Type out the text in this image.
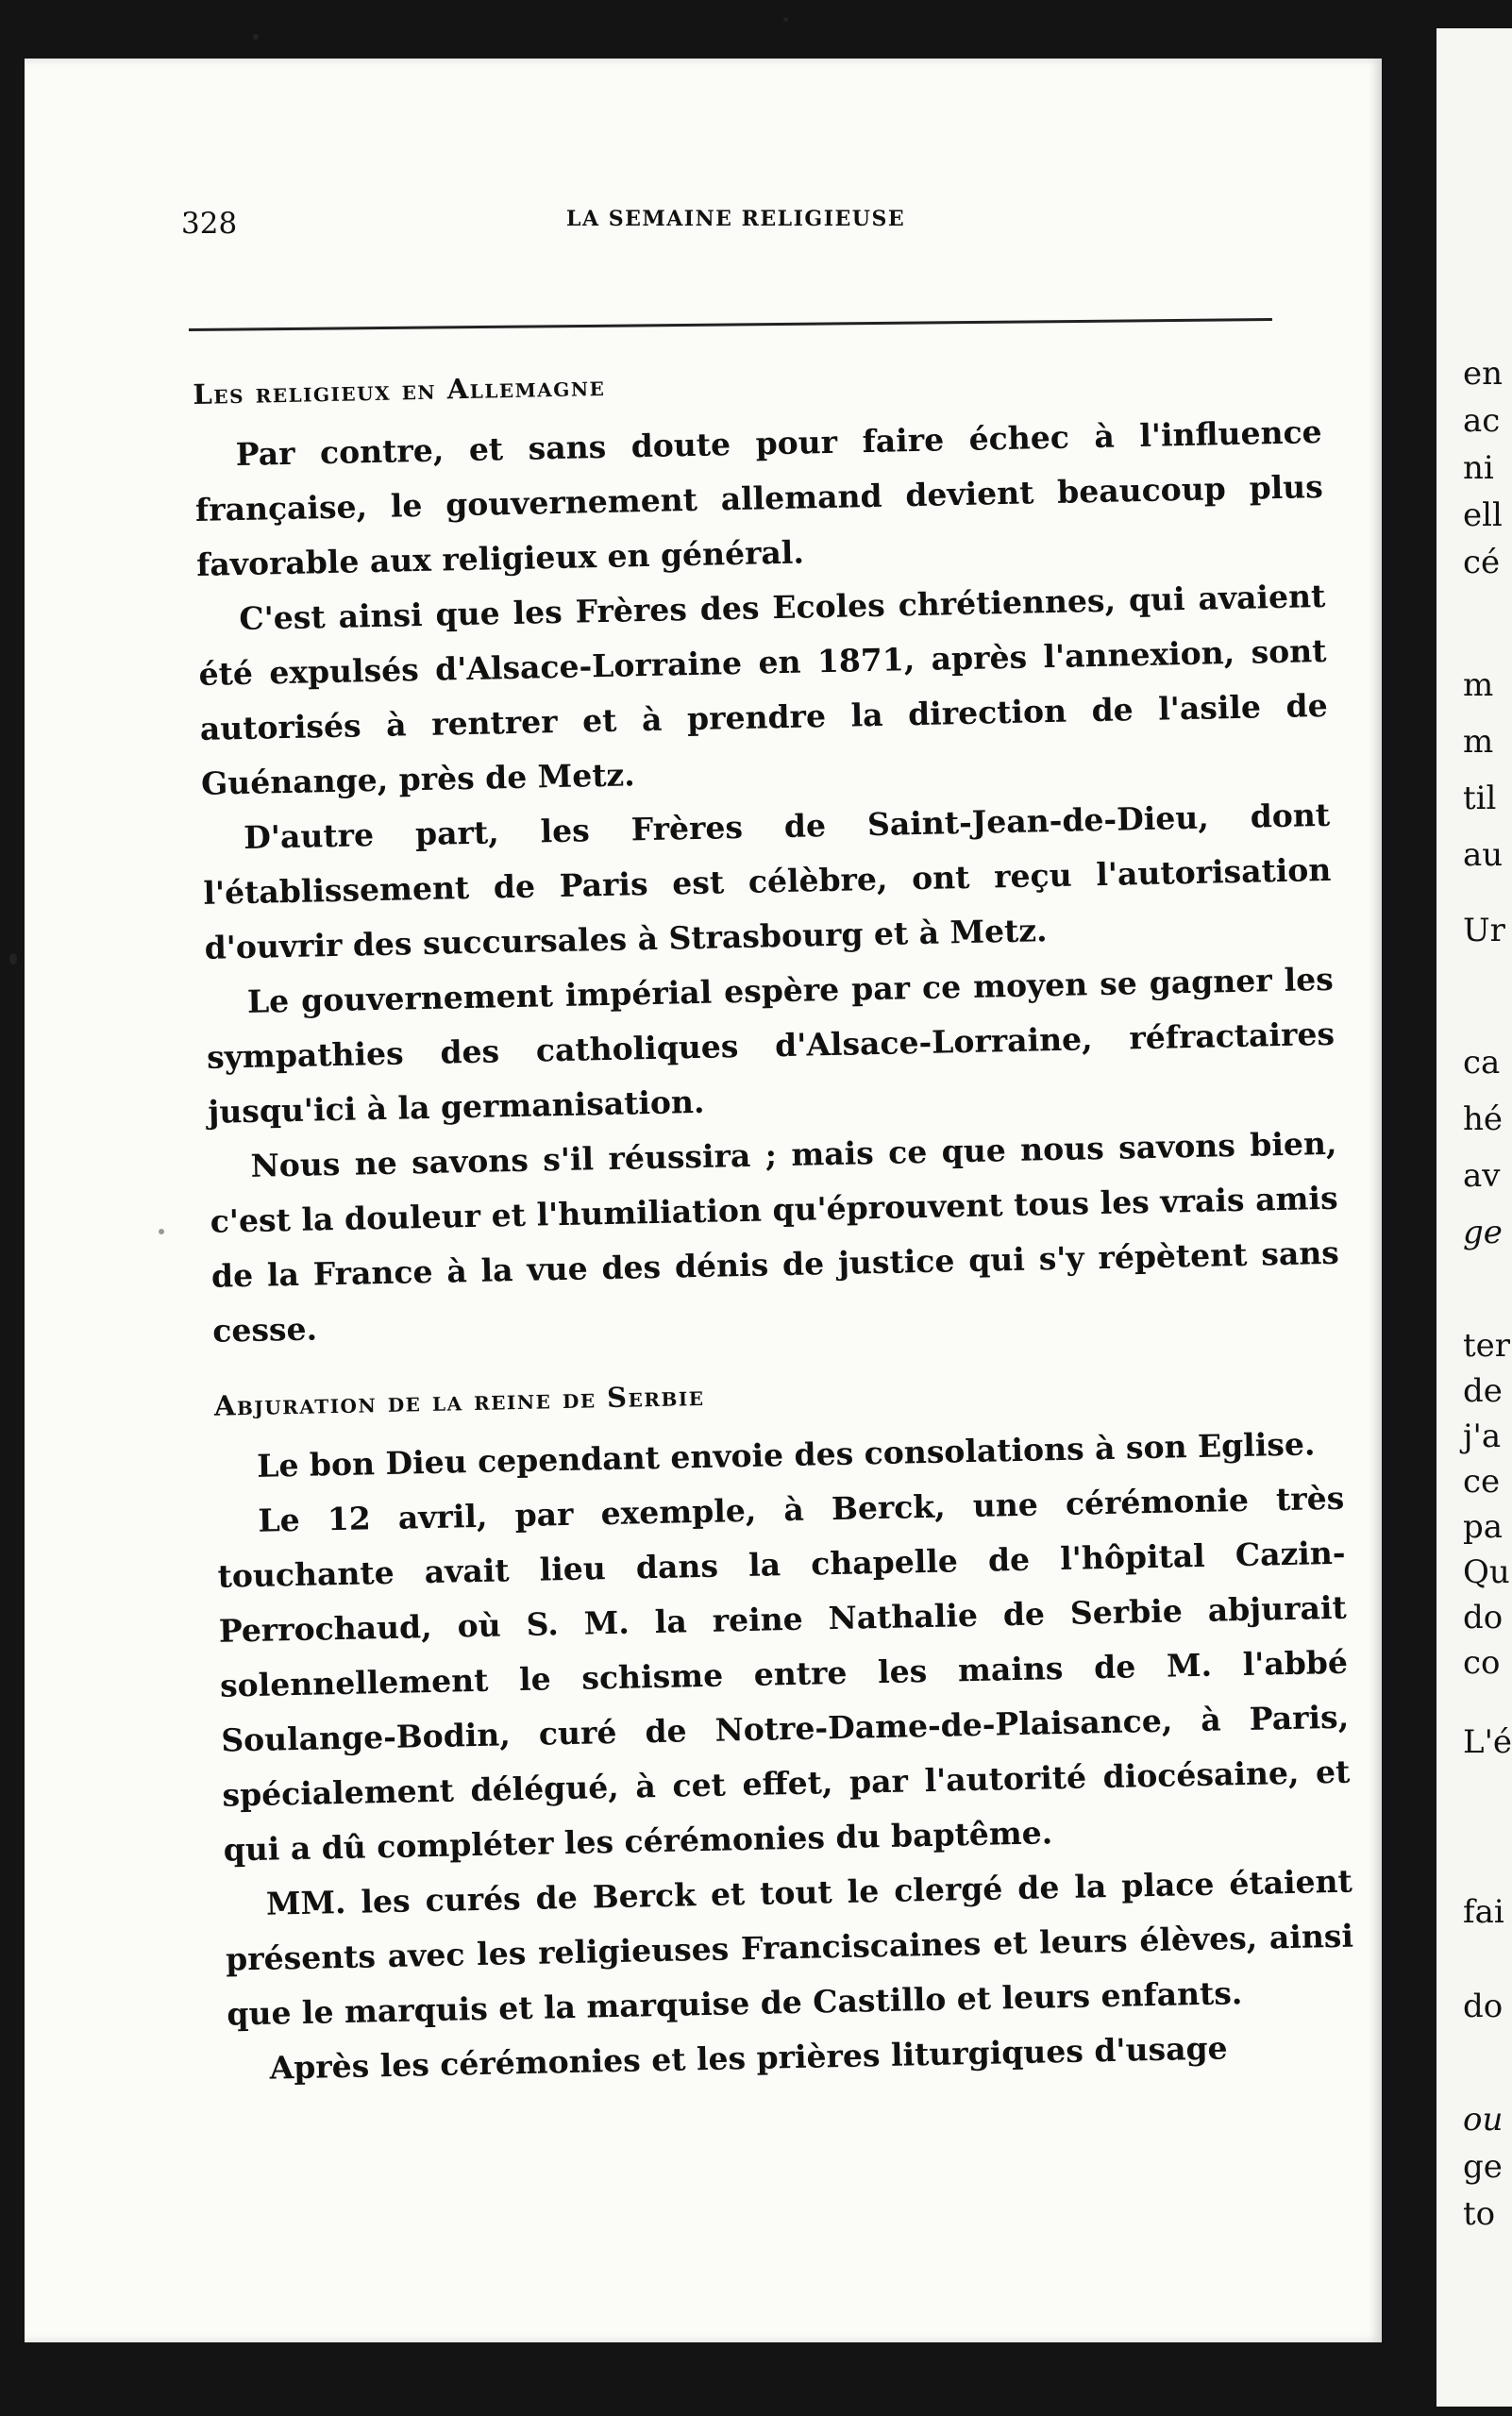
en
ac
ni
ell
cé
m
m
til
au
Ur
ca
hé
av
ge
ter
de
j'a
ce
pa
Qu
do
co
L'é
fai
do
ou
ge
to
328	LA SEMAINE RELIGIEUSE
Les religieux en Allemagne

Par contre, et sans doute pour faire échec à l'influence française, le gouvernement allemand devient beaucoup plus favorable aux religieux en général.

C'est ainsi que les Frères des Ecoles chrétiennes, qui avaient été expulsés d'Alsace-Lorraine en 1871, après l'annexion, sont autorisés à rentrer et à prendre la direction de l'asile de Guénange, près de Metz.

D'autre part, les Frères de Saint-Jean-de-Dieu, dont l'établissement de Paris est célèbre, ont reçu l'autorisation d'ouvrir des succursales à Strasbourg et à Metz.

Le gouvernement impérial espère par ce moyen se gagner les sympathies des catholiques d'Alsace-Lorraine, réfractaires jusqu'ici à la germanisation.

Nous ne savons s'il réussira ; mais ce que nous savons bien, c'est la douleur et l'humiliation qu'éprouvent tous les vrais amis de la France à la vue des dénis de justice qui s'y répètent sans cesse.

Abjuration de la reine de Serbie

Le bon Dieu cependant envoie des consolations à son Eglise.

Le 12 avril, par exemple, à Berck, une cérémonie très touchante avait lieu dans la chapelle de l'hôpital Cazin-Perrochaud, où S. M. la reine Nathalie de Serbie abjurait solennellement le schisme entre les mains de M. l'abbé Soulange-Bodin, curé de Notre-Dame-de-Plaisance, à Paris, spécialement délégué, à cet effet, par l'autorité diocésaine, et qui a dû compléter les cérémonies du baptême.

MM. les curés de Berck et tout le clergé de la place étaient présents avec les religieuses Franciscaines et leurs élèves, ainsi que le marquis et la marquise de Castillo et leurs enfants.

Après les cérémonies et les prières liturgiques d'usage
